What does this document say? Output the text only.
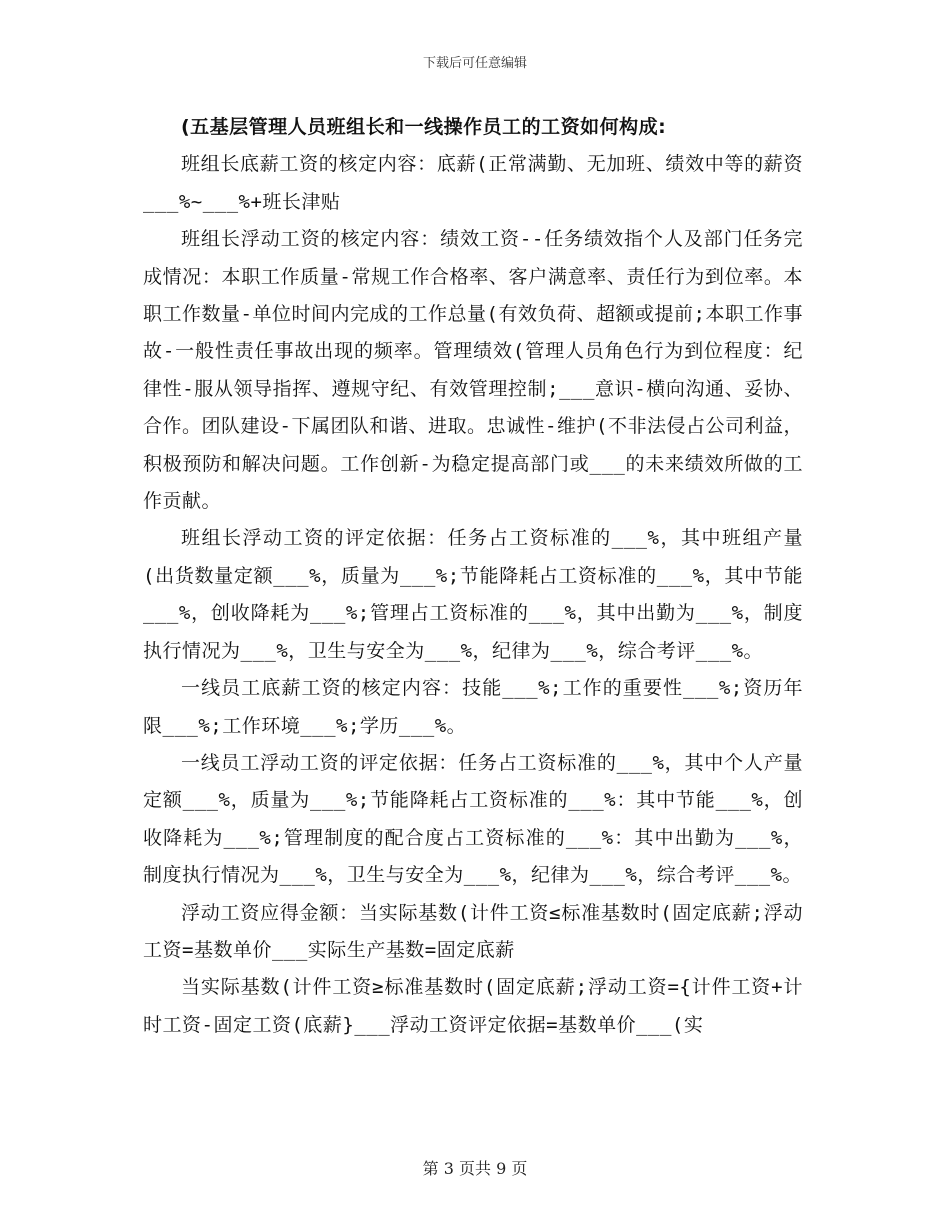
下载后可任意编辑

(五基层管理人员班组长和一线操作员工的工资如何构成:

班组长底薪工资的核定内容：底薪(正常满勤、无加班、绩效中等的薪资___%~___%+班长津贴

班组长浮动工资的核定内容：绩效工资--任务绩效指个人及部门任务完成情况：本职工作质量-常规工作合格率、客户满意率、责任行为到位率。本职工作数量-单位时间内完成的工作总量(有效负荷、超额或提前;本职工作事故-一般性责任事故出现的频率。管理绩效(管理人员角色行为到位程度：纪律性-服从领导指挥、遵规守纪、有效管理控制;___意识-横向沟通、妥协、合作。团队建设-下属团队和谐、进取。忠诚性-维护(不非法侵占公司利益，积极预防和解决问题。工作创新-为稳定提高部门或___的未来绩效所做的工作贡献。

班组长浮动工资的评定依据：任务占工资标准的___%，其中班组产量(出货数量定额___%，质量为___%;节能降耗占工资标准的___%，其中节能___%，创收降耗为___%;管理占工资标准的___%，其中出勤为___%，制度执行情况为___%，卫生与安全为___%，纪律为___%，综合考评___%。

一线员工底薪工资的核定内容：技能___%;工作的重要性___%;资历年限___%;工作环境___%;学历___%。

一线员工浮动工资的评定依据：任务占工资标准的___%，其中个人产量定额___%，质量为___%;节能降耗占工资标准的___%：其中节能___%，创收降耗为___%;管理制度的配合度占工资标准的___%：其中出勤为___%，制度执行情况为___%，卫生与安全为___%，纪律为___%，综合考评___%。

浮动工资应得金额：当实际基数(计件工资≤标准基数时(固定底薪;浮动工资=基数单价___实际生产基数=固定底薪

当实际基数(计件工资≥标准基数时(固定底薪;浮动工资={计件工资+计时工资-固定工资(底薪}___浮动工资评定依据=基数单价___(实

第 3 页共 9 页
